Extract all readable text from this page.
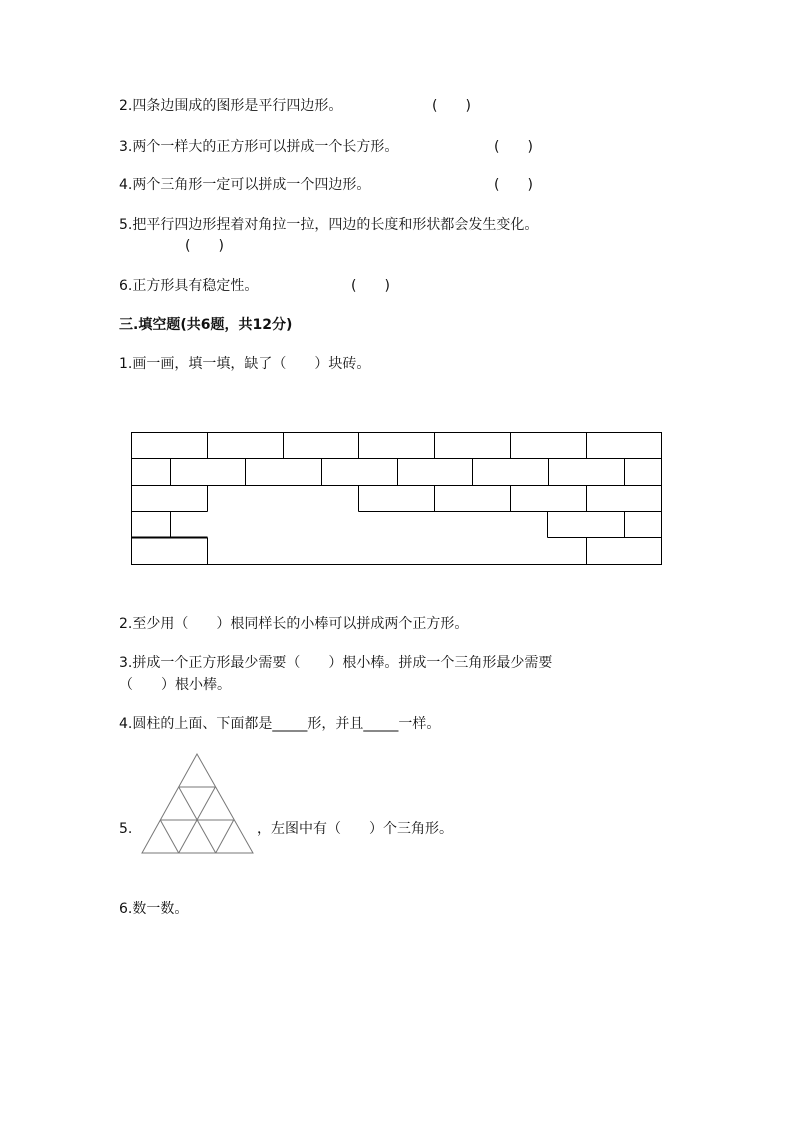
2.四条边围成的图形是平行四边形。	(　　)
3.两个一样大的正方形可以拼成一个长方形。	(　　)
4.两个三角形一定可以拼成一个四边形。	(　　)
5.把平行四边形捏着对角拉一拉，四边的长度和形状都会发生变化。
(　　)
6.正方形具有稳定性。	(　　)
三.填空题(共6题，共12分)
1.画一画，填一填，缺了（　　）块砖。
2.至少用（　　）根同样长的小棒可以拼成两个正方形。
3.拼成一个正方形最少需要（　　）根小棒。拼成一个三角形最少需要
（　　）根小棒。
4.圆柱的上面、下面都是_____形，并且_____一样。
5.	，左图中有（　　）个三角形。
6.数一数。
